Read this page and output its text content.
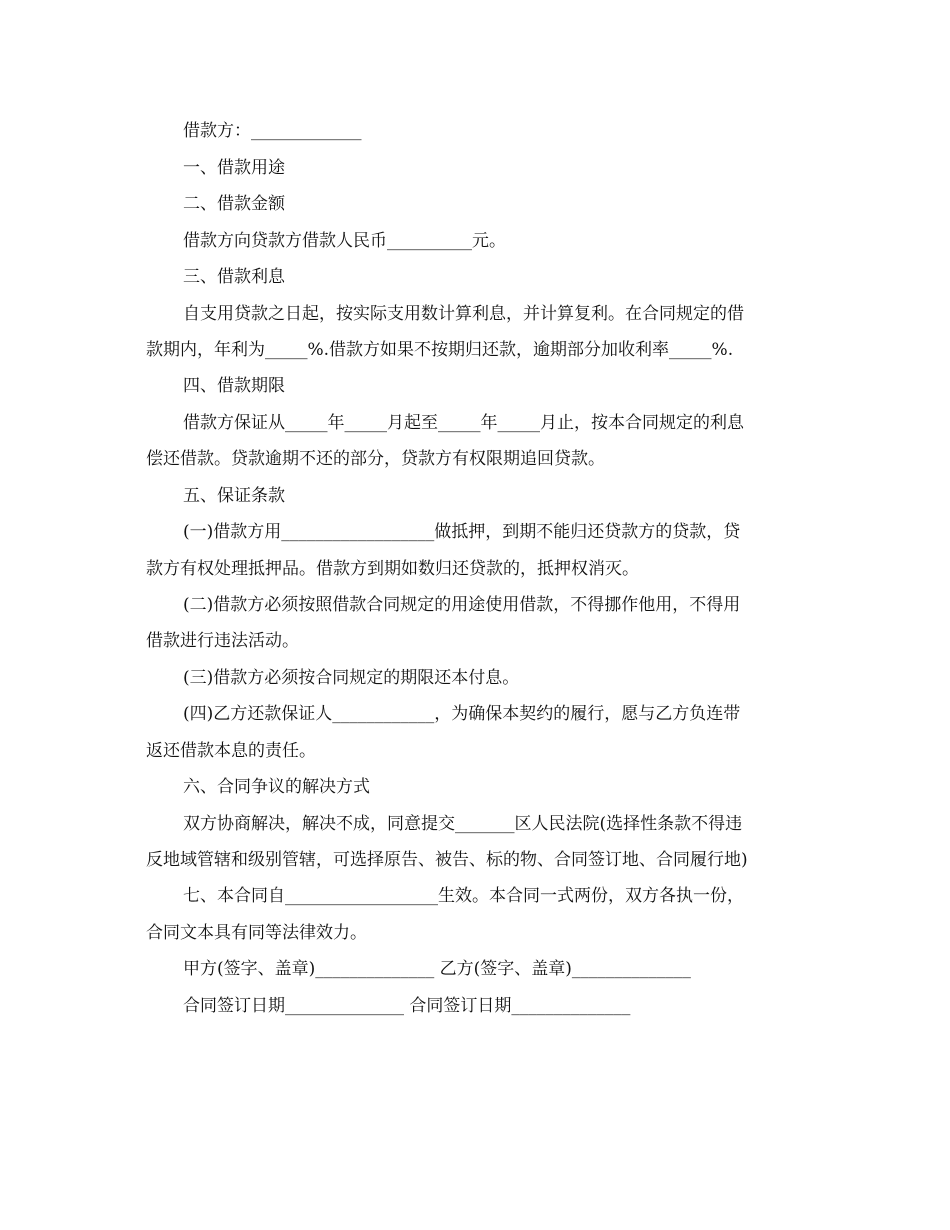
借款方：_____________
一、借款用途
二、借款金额
借款方向贷款方借款人民币__________元。
三、借款利息
自支用贷款之日起，按实际支用数计算利息，并计算复利。在合同规定的借
款期内，年利为_____%.借款方如果不按期归还款，逾期部分加收利率_____%.
四、借款期限
借款方保证从_____年_____月起至_____年_____月止，按本合同规定的利息
偿还借款。贷款逾期不还的部分，贷款方有权限期追回贷款。
五、保证条款
(一)借款方用__________________做抵押，到期不能归还贷款方的贷款，贷
款方有权处理抵押品。借款方到期如数归还贷款的，抵押权消灭。
(二)借款方必须按照借款合同规定的用途使用借款，不得挪作他用，不得用
借款进行违法活动。
(三)借款方必须按合同规定的期限还本付息。
(四)乙方还款保证人____________，为确保本契约的履行，愿与乙方负连带
返还借款本息的责任。
六、合同争议的解决方式
双方协商解决，解决不成，同意提交_______区人民法院(选择性条款不得违
反地域管辖和级别管辖，可选择原告、被告、标的物、合同签订地、合同履行地)
七、本合同自__________________生效。本合同一式两份，双方各执一份，
合同文本具有同等法律效力。
甲方(签字、盖章)______________ 乙方(签字、盖章)______________
合同签订日期______________ 合同签订日期______________
